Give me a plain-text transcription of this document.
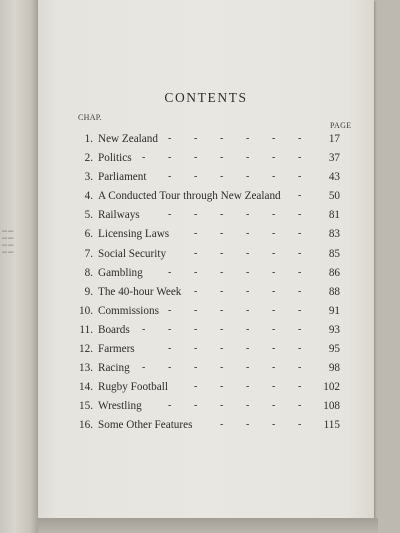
▬ ▬
▬ ▬
▬ ▬
▬ ▬
CONTENTS
CHAP.
PAGE
1. New Zealand - - - - - - 17
2. Politics - - - - - - - 37
3. Parliament - - - - - - 43
4. A Conducted Tour through New Zealand - 50
5. Railways	- - - - - - 81
6. Licensing Laws - - - - - 83
7. Social Security	- - - - - 85
8. Gambling	- - - - - - 86
9. The 40-hour Week - - - - - 88
10. Commissions - - - - - - 91
11. Boards - - - - - - - 93
12. Farmers	- - - - - - 95
13. Racing - - - - - - - 98
14. Rugby Football	- - - - - 102
15. Wrestling	- - - - - - 108
16. Some Other Features	- - - - 115
